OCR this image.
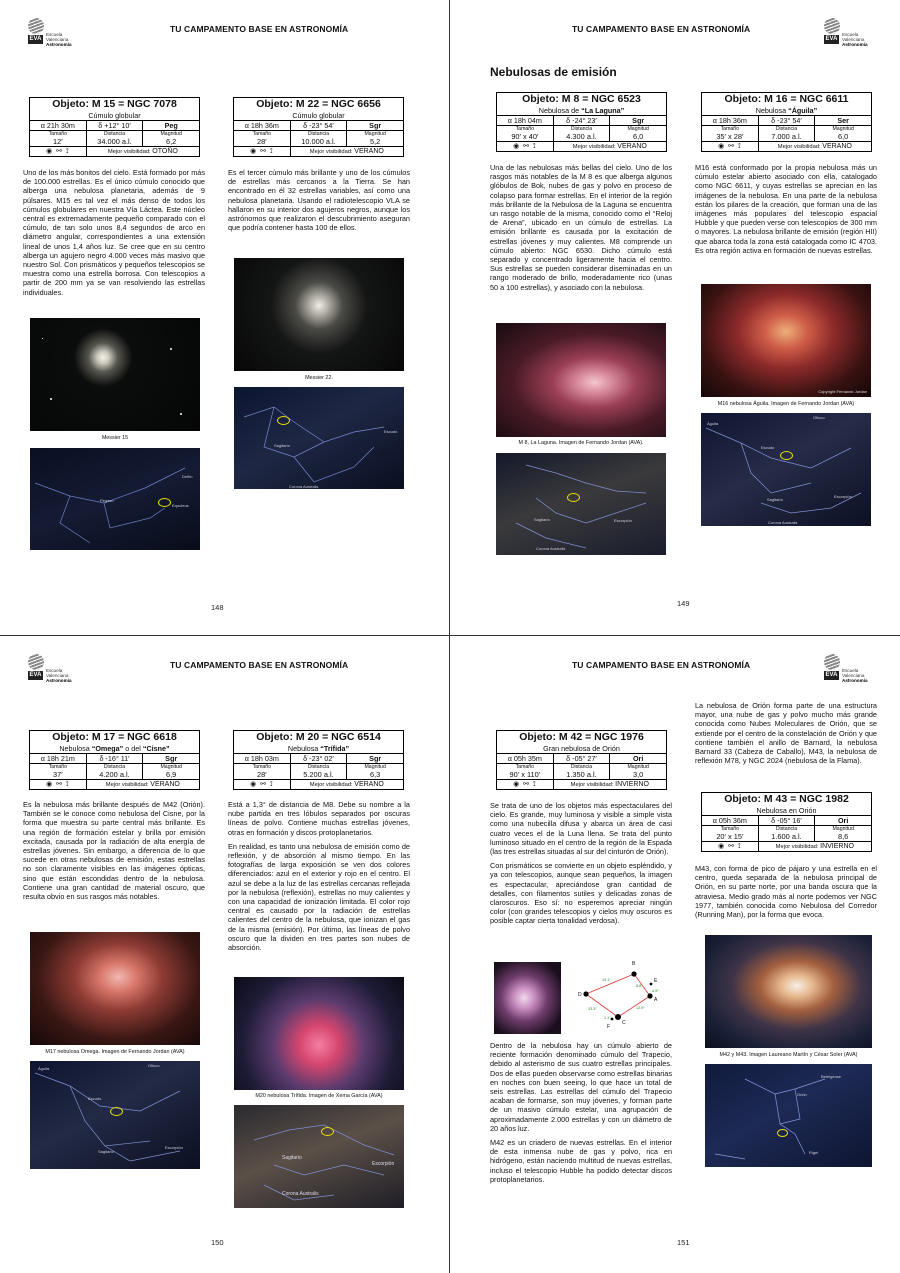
EVA
Escuela
Valenciana
Astronomía
TU CAMPAMENTO BASE EN ASTRONOMÍA
Objeto: M 15 = NGC 7078		
Cúmulo globular		
α 21h 30m	δ +12° 10′	Peg
Tamaño	Distancia	Magnitud
12′	34.000 a.l.	6,2
◉ ⚯ ⟟	Mejor visibilidad: OTOÑO	
Uno de los más bonitos del cielo. Está formado por más de 100.000 estrellas. Es el único cúmulo conocido que alberga una nebulosa planetaria, además de 9 púlsares. M15 es tal vez el más denso de todos los cúmulos globulares en nuestra Vía Láctea. Este núcleo central es extremadamente pequeño comparado con el cúmulo, de tan solo unos 8,4 segundos de arco en diámetro angular, correspondientes a una extensión lineal de unos 1,4 años luz. Se cree que en su centro alberga un agujero negro 4.000 veces más masivo que nuestro Sol. Con prismáticos y pequeños telescopios se muestra como una estrella borrosa. Con telescopios a partir de 200 mm ya se van resolviendo las estrellas individuales.
Messier 15
Pegaso
Delfín
Equuleus
Objeto: M 22 = NGC 6656		
Cúmulo globular		
α 18h 36m	δ -23° 54′	Sgr
Tamaño	Distancia	Magnitud
28′	10.000 a.l.	5,2
◉ ⚯ ⟟	Mejor visibilidad: VERANO	
Es el tercer cúmulo más brillante y uno de los cúmulos de estrellas más cercanos a la Tierra. Se han encontrado en él 32 estrellas variables, así como una nebulosa planetaria. Usando el radiotelescopio VLA se hallaron en su interior dos agujeros negros, aunque los astrónomos que realizaron el descubrimiento aseguran que podría contener hasta 100 de ellos.
Messier 22.
Sagitario
Escudo
Corona Australis
148
TU CAMPAMENTO BASE EN ASTRONOMÍA
EVA
Escuela
Valenciana
Astronomía
Nebulosas de emisión
Objeto: M 8 = NGC 6523		
Nebulosa de “La Laguna”		
α 18h 04m	δ -24° 23′	Sgr
Tamaño	Distancia	Magnitud
90′ x 40′	4.300 a.l.	6,0
◉ ⚯ ⟟	Mejor visibilidad: VERANO	
Una de las nebulosas más bellas del cielo. Uno de los rasgos más notables de la M 8 es que alberga algunos glóbulos de Bok, nubes de gas y polvo en proceso de colapso para formar estrellas. En el interior de la región más brillante de la Nebulosa de la Laguna se encuentra un rasgo notable de la misma, conocido como el “Reloj de Arena”, ubicado en un cúmulo de estrellas. La emisión brillante es causada por la excitación de estrellas jóvenes y muy calientes. M8 comprende un cúmulo abierto: NGC 6530. Dicho cúmulo está separado y concentrado ligeramente hacia el centro. Sus estrellas se pueden considerar diseminadas en un rango moderado de brillo, moderadamente rico (unas 50 a 100 estrellas), y asociado con la nebulosa.
M 8, La Laguna. Imagen de Fernando Jordan (AVA).
Sagitario	Escorpión
Corona Australis
Objeto: M 16 = NGC 6611		
Nebulosa “Águila”		
α 18h 36m	δ -23° 54′	Ser
Tamaño	Distancia	Magnitud
35′ x 28′	7.000 a.l.	6,0
◉ ⚯ ⟟	Mejor visibilidad: VERANO	
M16 está conformado por la propia nebulosa más un cúmulo estelar abierto asociado con ella, catalogado como NGC 6611, y cuyas estrellas se aprecian en las imágenes de la nebulosa. En una parte de la nebulosa están los pilares de la creación, que forman una de las imágenes más populares del telescopio espacial Hubble y que pueden verse con telescopios de 300 mm o mayores. La nebulosa brillante de emisión (región HII) que abarca toda la zona está catalogada como IC 4703. Es otra región activa en formación de nuevas estrellas.
Copyright Fernando Jordan
M16 nebulosa Águila. Imagen de Fernando Jordan (AVA)
Águila
Ofiuco
Escudo
Sagitario
Escorpión
Corona Australis
149
EVA
Escuela
Valenciana
Astronomía
TU CAMPAMENTO BASE EN ASTRONOMÍA
Objeto: M 17 = NGC 6618		
Nebulosa “Omega” o del “Cisne”		
α 18h 21m	δ -16° 11′	Sgr
Tamaño	Distancia	Magnitud
37′	4.200 a.l.	6,9
◉ ⚯ ⟟	Mejor visibilidad: VERANO	
Es la nebulosa más brillante después de M42 (Orión). También se le conoce como nebulosa del Cisne, por la forma que muestra su parte central más brillante. Es una región de formación estelar y brilla por emisión excitada, causada por la radiación de alta energía de estrellas jóvenes. Sin embargo, a diferencia de lo que sucede en otras nebulosas de emisión, estas estrellas no son claramente visibles en las imágenes ópticas, sino que están escondidas dentro de la nebulosa. Contiene una gran cantidad de material oscuro, que resulta obvio en sus rasgos más notables.
M17 nebulosa Omega. Imagen de Fernando Jordan (AVA)
Águila
Ofiuco
Escudo
Sagitario
Escorpión
Objeto: M 20 = NGC 6514		
Nebulosa “Trífida”		
α 18h 03m	δ -23° 02′	Sgr
Tamaño	Distancia	Magnitud
28′	5.200 a.l.	6,3
◉ ⚯ ⟟	Mejor visibilidad: VERANO	

Está a 1,3° de distancia de M8. Debe su nombre a la nube partida en tres lóbulos separados por oscuras líneas de polvo. Contiene muchas estrellas jóvenes, otras en formación y discos protoplanetarios.

En realidad, es tanto una nebulosa de emisión como de reflexión, y de absorción al mismo tiempo. En las fotografías de larga exposición se ven dos colores diferenciados: azul en el exterior y rojo en el centro. El azul se debe a la luz de las estrellas cercanas reflejada por la nebulosa (reflexión), estrellas no muy calientes y con una capacidad de ionización limitada. El color rojo central es causado por la radiación de estrellas calientes del centro de la nebulosa, que ionizan el gas de la misma (emisión). Por último, las líneas de polvo oscuro que la dividen en tres partes son nubes de absorción.

M20 nebulosa Trífida. Imagen de Xema García (AVA)
Sagitario
Escorpión
Corona Australis
150
TU CAMPAMENTO BASE EN ASTRONOMÍA
EVA
Escuela
Valenciana
Astronomía
Objeto: M 42 = NGC 1976		
Gran nebulosa de Orión		
α 05h 35m	δ -05° 27′	Ori
Tamaño	Distancia	Magnitud
90′ x 110′	1.350 a.l.	3,0
◉ ⚯ ⟟	Mejor visibilidad: INVIERNO	

Se trata de uno de los objetos más espectaculares del cielo. Es grande, muy luminosa y visible a simple vista como una nubecilla difusa y abarca un área de casi cuatro veces el de la Luna llena. Se trata del punto luminoso situado en el centro de la región de la Espada (las tres estrellas situadas al sur del cinturón de Orión).

Con prismáticos se convierte en un objeto espléndido, y ya con telescopios, aunque sean pequeños, la imagen es espectacular, apreciándose gran cantidad de detalles, con filamentos sutiles y delicadas zonas de claroscuros. Eso sí: no esperemos apreciar ningún color (con grandes telescopios y cielos muy oscuros es posible captar cierta tonalidad verdosa).

B
E
A
D
C
F
19.1″
8.8″
4.5″
12.9″
13.3″
1.1″

Dentro de la nebulosa hay un cúmulo abierto de reciente formación denominado cúmulo del Trapecio, debido al asterismo de sus cuatro estrellas principales. Dos de ellas pueden observarse como estrellas binarias en noches con buen seeing, lo que hace un total de seis estrellas. Las estrellas del cúmulo del Trapecio acaban de formarse, son muy jóvenes, y forman parte de un masivo cúmulo estelar, una agrupación de aproximadamente 2.000 estrellas y con un diámetro de 20 años luz.

M42 es un criadero de nuevas estrellas. En el interior de esta inmensa nube de gas y polvo, rica en hidrógeno, están naciendo multitud de nuevas estrellas, incluso el telescopio Hubble ha podido detectar discos protoplanetarios.

La nebulosa de Orión forma parte de una estructura mayor, una nube de gas y polvo mucho más grande conocida como Nubes Moleculares de Orión, que se extiende por el centro de la constelación de Orión y que contiene también el anillo de Barnard, la nebulosa Barnard 33 (Cabeza de Caballo), M43, la nebulosa de reflexión M78, y NGC 2024 (nebulosa de la Flama).
Objeto: M 43 = NGC 1982		
Nebulosa en Orión		
α 05h 36m	δ -05° 16′	Ori
Tamaño	Distancia	Magnitud
20′ x 15′	1.600 a.l.	8,6
◉ ⚯ ⟟	Mejor visibilidad: INVIERNO	
M43, con forma de pico de pájaro y una estrella en el centro, queda separada de la nebulosa principal de Orión, en su parte norte, por una banda oscura que la atraviesa. Medio grado más al norte podemos ver NGC 1977, también conocida como Nebulosa del Corredor (Running Man), por la forma que evoca.
M42 y M43. Imagen Laureano Martín y César Soler (AVA)
Orión
Betelgeuse
Rigel
151
